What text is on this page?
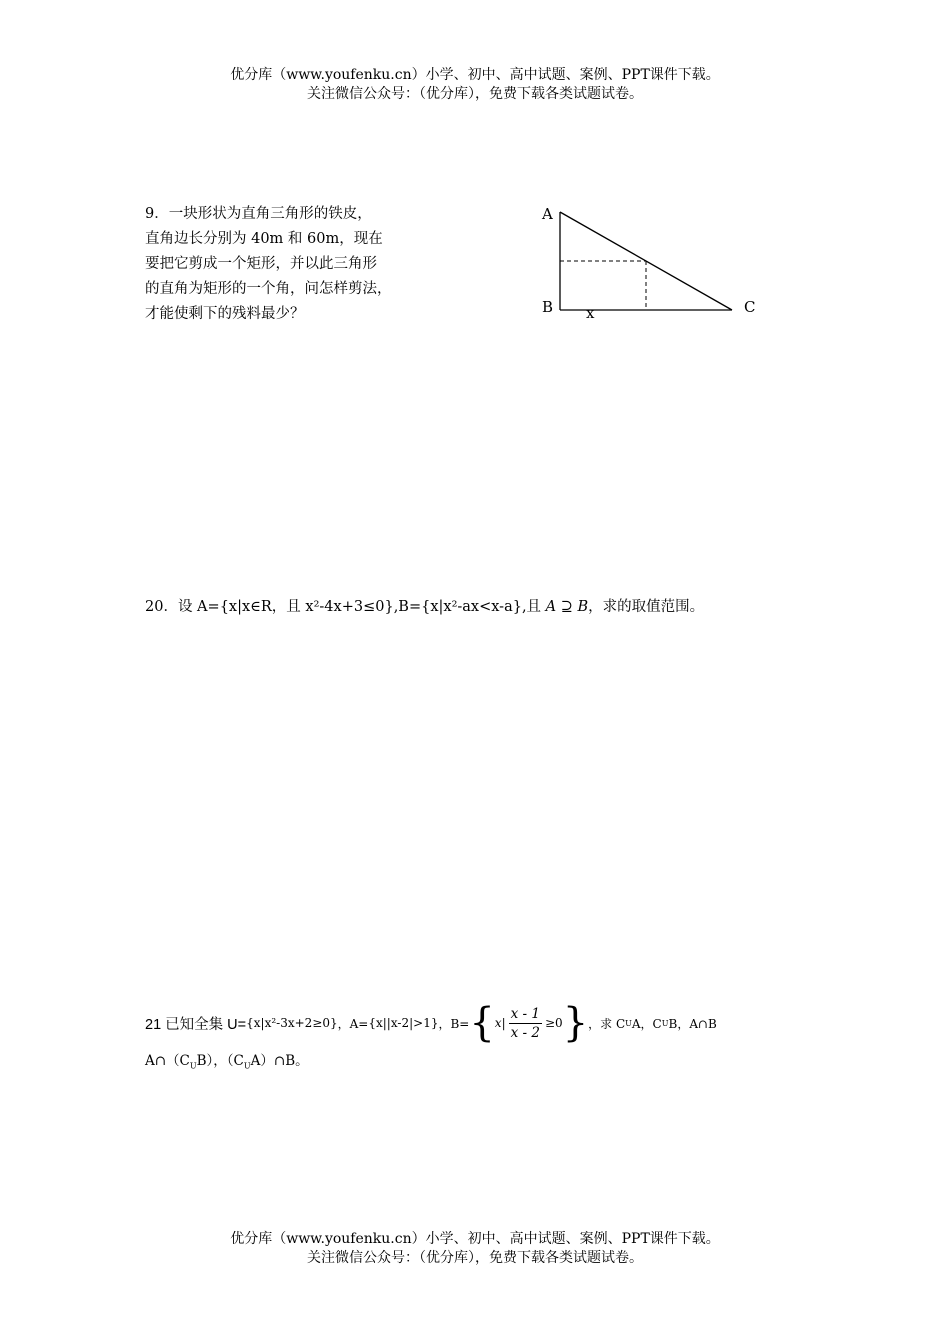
优分库（www.youfenku.cn）小学、初中、高中试题、案例、PPT课件下载。
关注微信公众号：（优分库），免费下载各类试题试卷。
9．一块形状为直角三角形的铁皮，
直角边长分别为 40m 和 60m，现在
要把它剪成一个矩形，并以此三角形
的直角为矩形的一个角，问怎样剪法，
才能使剩下的残料最少？
A
B	C
x
20．设 A={x|x∈R，且 x²-4x+3≤0},B={x|x²-ax<x-a},且 A ⊇ B，求的取值范围。
21 已知全集 U= {x|x²-3x+2≥0} ，A= {x||x-2|>1} ，B= { x | $\frac{x - 1}{x - 2} \ge 0$ } ，求 C U A，C U B，A∩B
$A\cap(C_UB)$，$(C_UA)\cap B$。
优分库（www.youfenku.cn）小学、初中、高中试题、案例、PPT课件下载。
关注微信公众号：（优分库），免费下载各类试题试卷。
